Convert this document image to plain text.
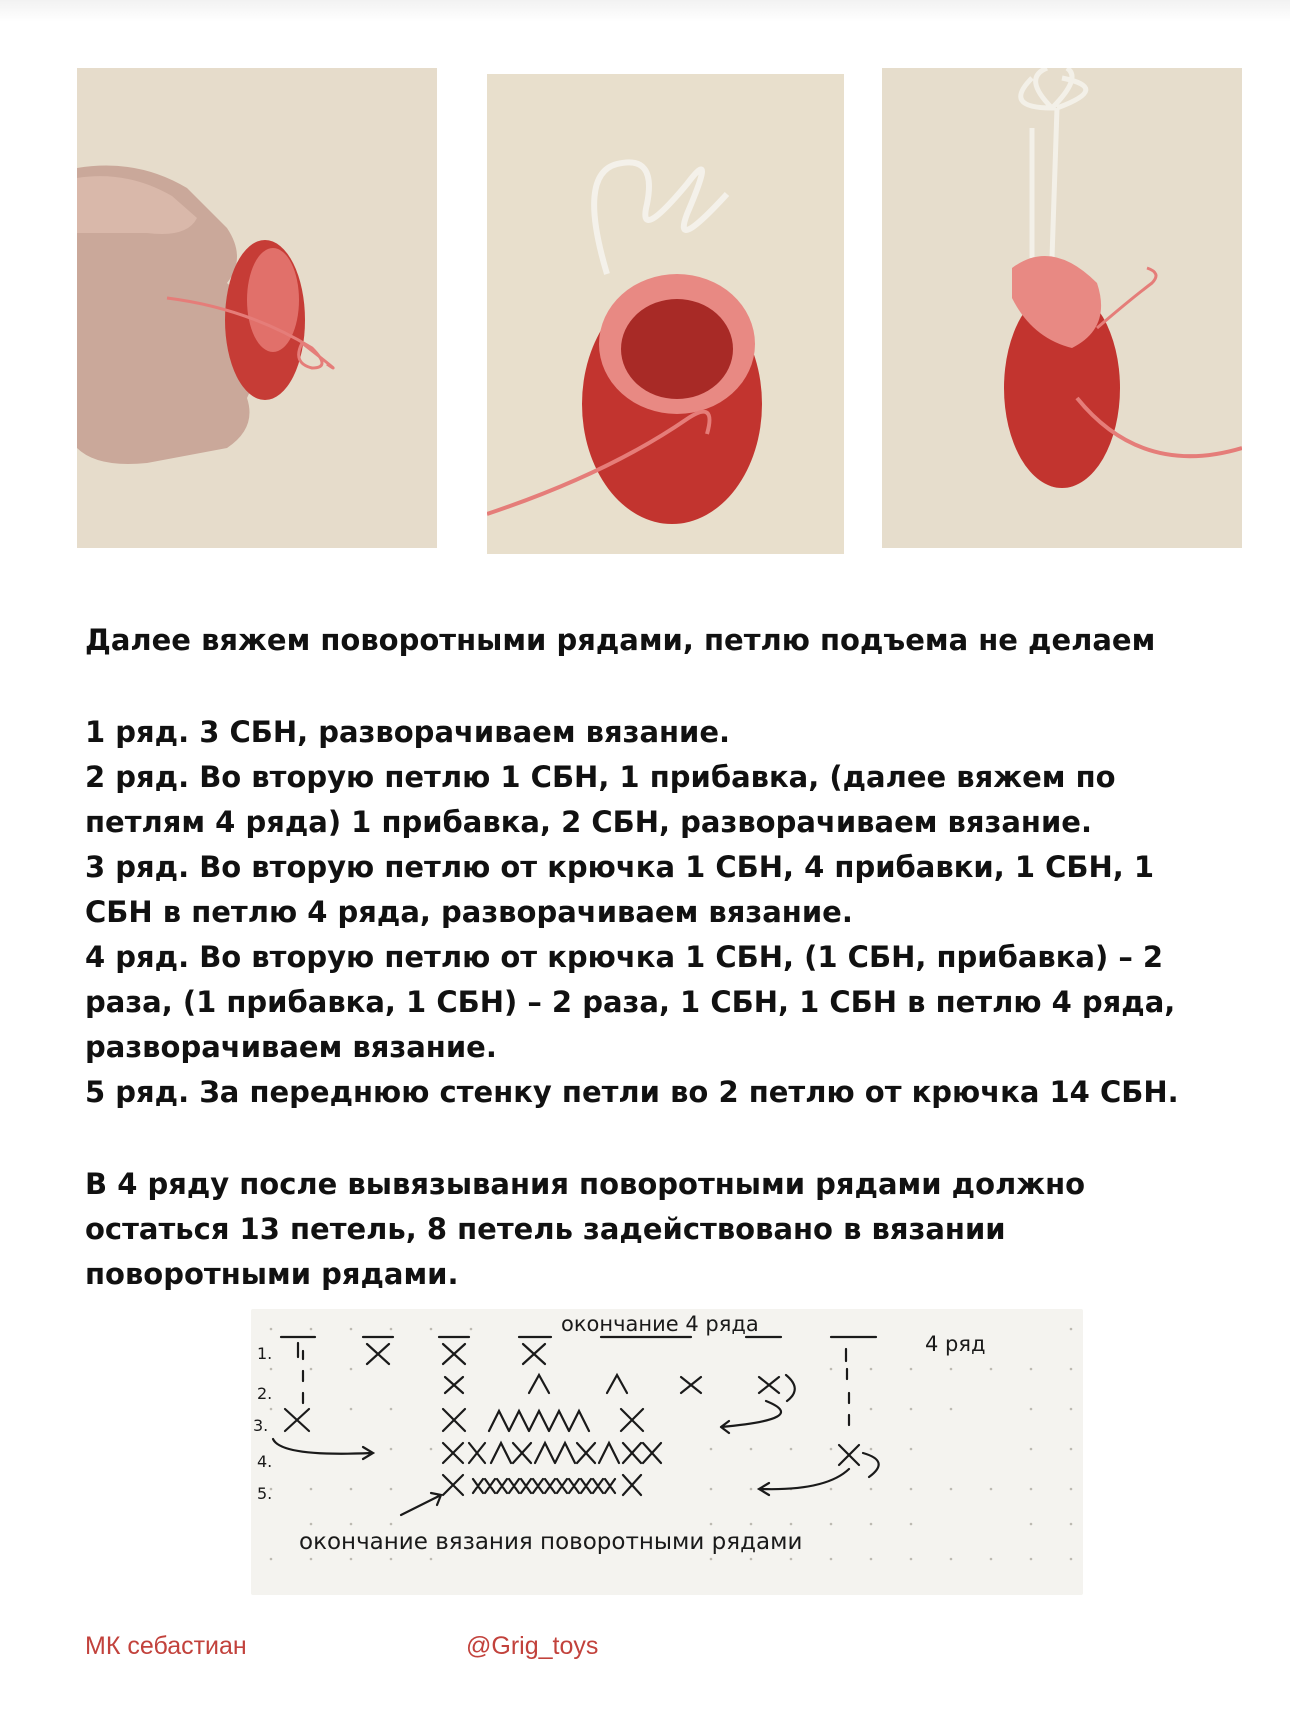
Далее вяжем поворотными рядами, петлю подъема не делаем

1 ряд. 3 СБН, разворачиваем вязание.

2 ряд. Во вторую петлю 1 СБН, 1 прибавка, (далее вяжем по петлям 4 ряда) 1 прибавка, 2 СБН, разворачиваем вязание.

3 ряд. Во вторую петлю от крючка 1 СБН, 4 прибавки, 1 СБН, 1 СБН в петлю 4 ряда, разворачиваем вязание.

4 ряд. Во вторую петлю от крючка 1 СБН, (1 СБН, прибавка) – 2 раза, (1 прибавка, 1 СБН) – 2 раза, 1 СБН, 1 СБН в петлю 4 ряда, разворачиваем вязание.

5 ряд. За переднюю стенку петли во 2 петлю от крючка 14 СБН.

В 4 ряду после вывязывания поворотными рядами должно остаться 13 петель, 8 петель задействовано в вязании поворотными рядами.
окончание 4 ряда
4 ряд
1.
2.
3.
4.
5.
окончание вязания поворотными рядами
МК себастиан	@Grig_toys
